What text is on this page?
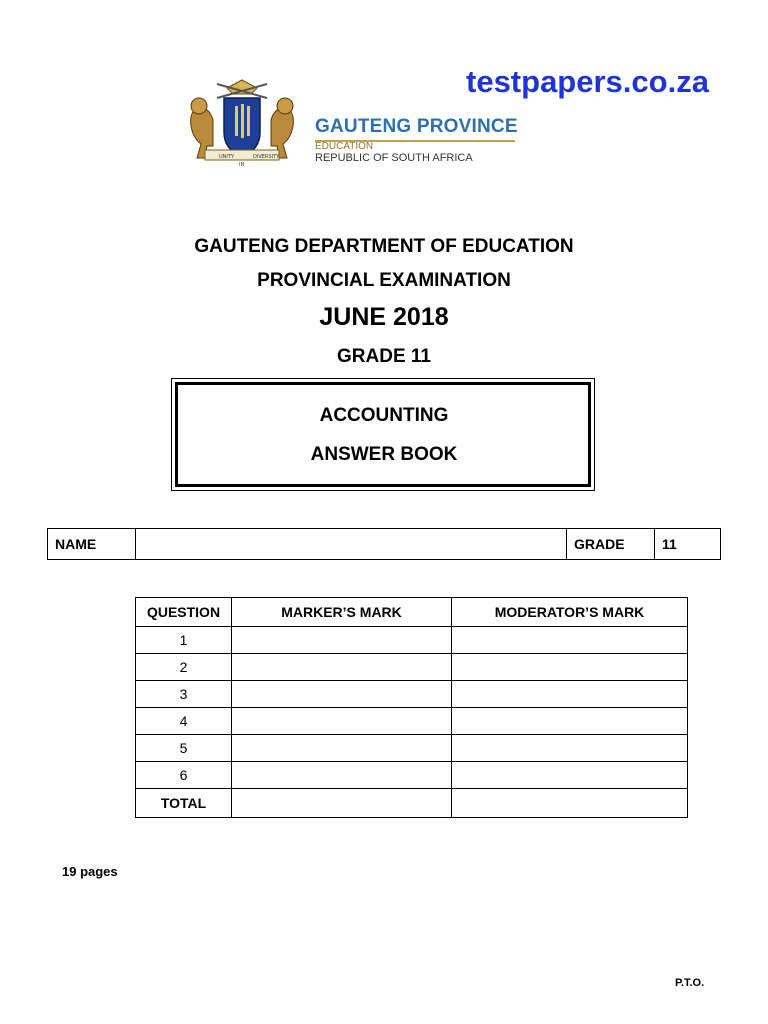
UNITY
IN
DIVERSITY
GAUTENG PROVINCE
EDUCATION
REPUBLIC OF SOUTH AFRICA
testpapers.co.za
GAUTENG DEPARTMENT OF EDUCATION
PROVINCIAL EXAMINATION
JUNE 2018
GRADE 11
ACCOUNTING
ANSWER BOOK
NAME		GRADE	11
QUESTION	MARKER’S MARK	MODERATOR’S MARK
1		
2		
3		
4		
5		
6		
TOTAL		
19 pages
P.T.O.
